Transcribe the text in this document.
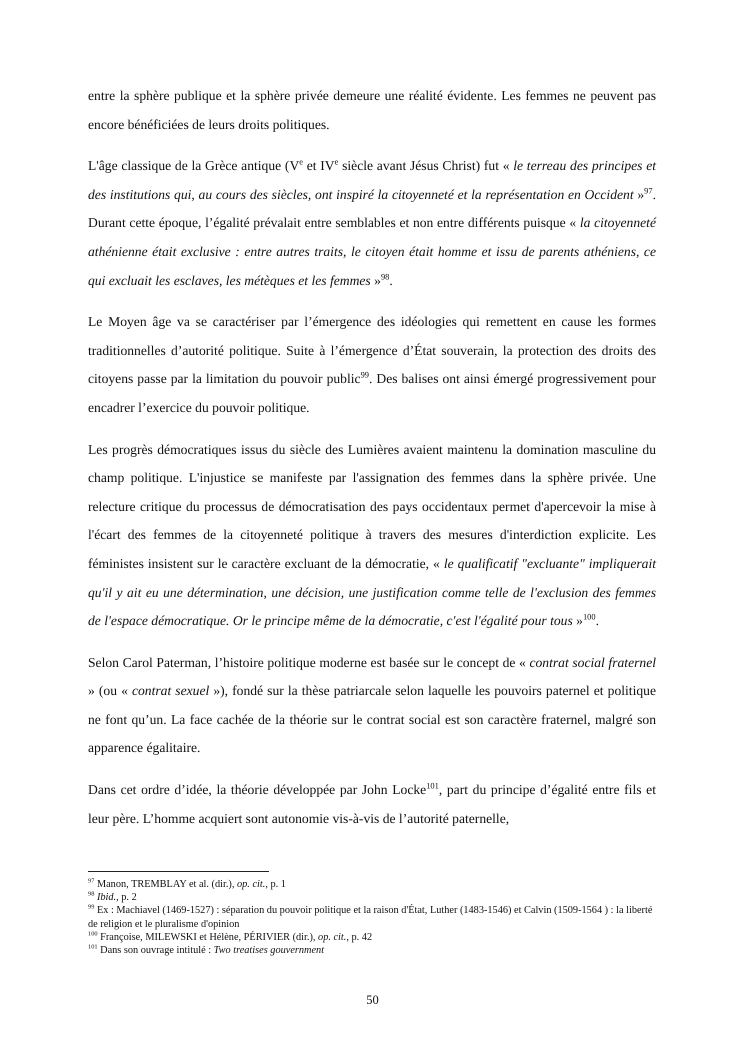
entre la sphère publique et la sphère privée demeure une réalité évidente. Les femmes ne peuvent pas encore bénéficiées de leurs droits politiques.

L'âge classique de la Grèce antique (Ve et IVe siècle avant Jésus Christ) fut « le terreau des principes et des institutions qui, au cours des siècles, ont inspiré la citoyenneté et la représentation en Occident »$^{97}$. Durant cette époque, l’égalité prévalait entre semblables et non entre différents puisque « la citoyenneté athénienne était exclusive : entre autres traits, le citoyen était homme et issu de parents athéniens, ce qui excluait les esclaves, les métèques et les femmes »$^{98}$.

Le Moyen âge va se caractériser par l’émergence des idéologies qui remettent en cause les formes traditionnelles d’autorité politique. Suite à l’émergence d’État souverain, la protection des droits des citoyens passe par la limitation du pouvoir public$^{99}$. Des balises ont ainsi émergé progressivement pour encadrer l’exercice du pouvoir politique.

Les progrès démocratiques issus du siècle des Lumières avaient maintenu la domination masculine du champ politique. L'injustice se manifeste par l'assignation des femmes dans la sphère privée. Une relecture critique du processus de démocratisation des pays occidentaux permet d'apercevoir la mise à l'écart des femmes de la citoyenneté politique à travers des mesures d'interdiction explicite. Les féministes insistent sur le caractère excluant de la démocratie, « le qualificatif "excluante" impliquerait qu'il y ait eu une détermination, une décision, une justification comme telle de l'exclusion des femmes de l'espace démocratique. Or le principe même de la démocratie, c'est l'égalité pour tous »$^{100}$.

Selon Carol Paterman, l’histoire politique moderne est basée sur le concept de « contrat social fraternel » (ou « contrat sexuel »), fondé sur la thèse patriarcale selon laquelle les pouvoirs paternel et politique ne font qu’un. La face cachée de la théorie sur le contrat social est son caractère fraternel, malgré son apparence égalitaire.

Dans cet ordre d’idée, la théorie développée par John Locke$^{101}$, part du principe d’égalité entre fils et leur père. L’homme acquiert sont autonomie vis-à-vis de l’autorité paternelle,

$^{97}$ Manon, TREMBLAY et al. (dir.), op. cit., p. 1

$^{98}$ Ibid., p. 2

$^{99}$ Ex : Machiavel (1469-1527) : séparation du pouvoir politique et la raison d'État, Luther (1483-1546) et Calvin (1509-1564 ) : la liberté de religion et le pluralisme d'opinion

$^{100}$ Françoise, MILEWSKI et Hélène, PÉRIVIER (dir.), op. cit., p. 42

$^{101}$ Dans son ouvrage intitulé : Two treatises gouvernment

50
